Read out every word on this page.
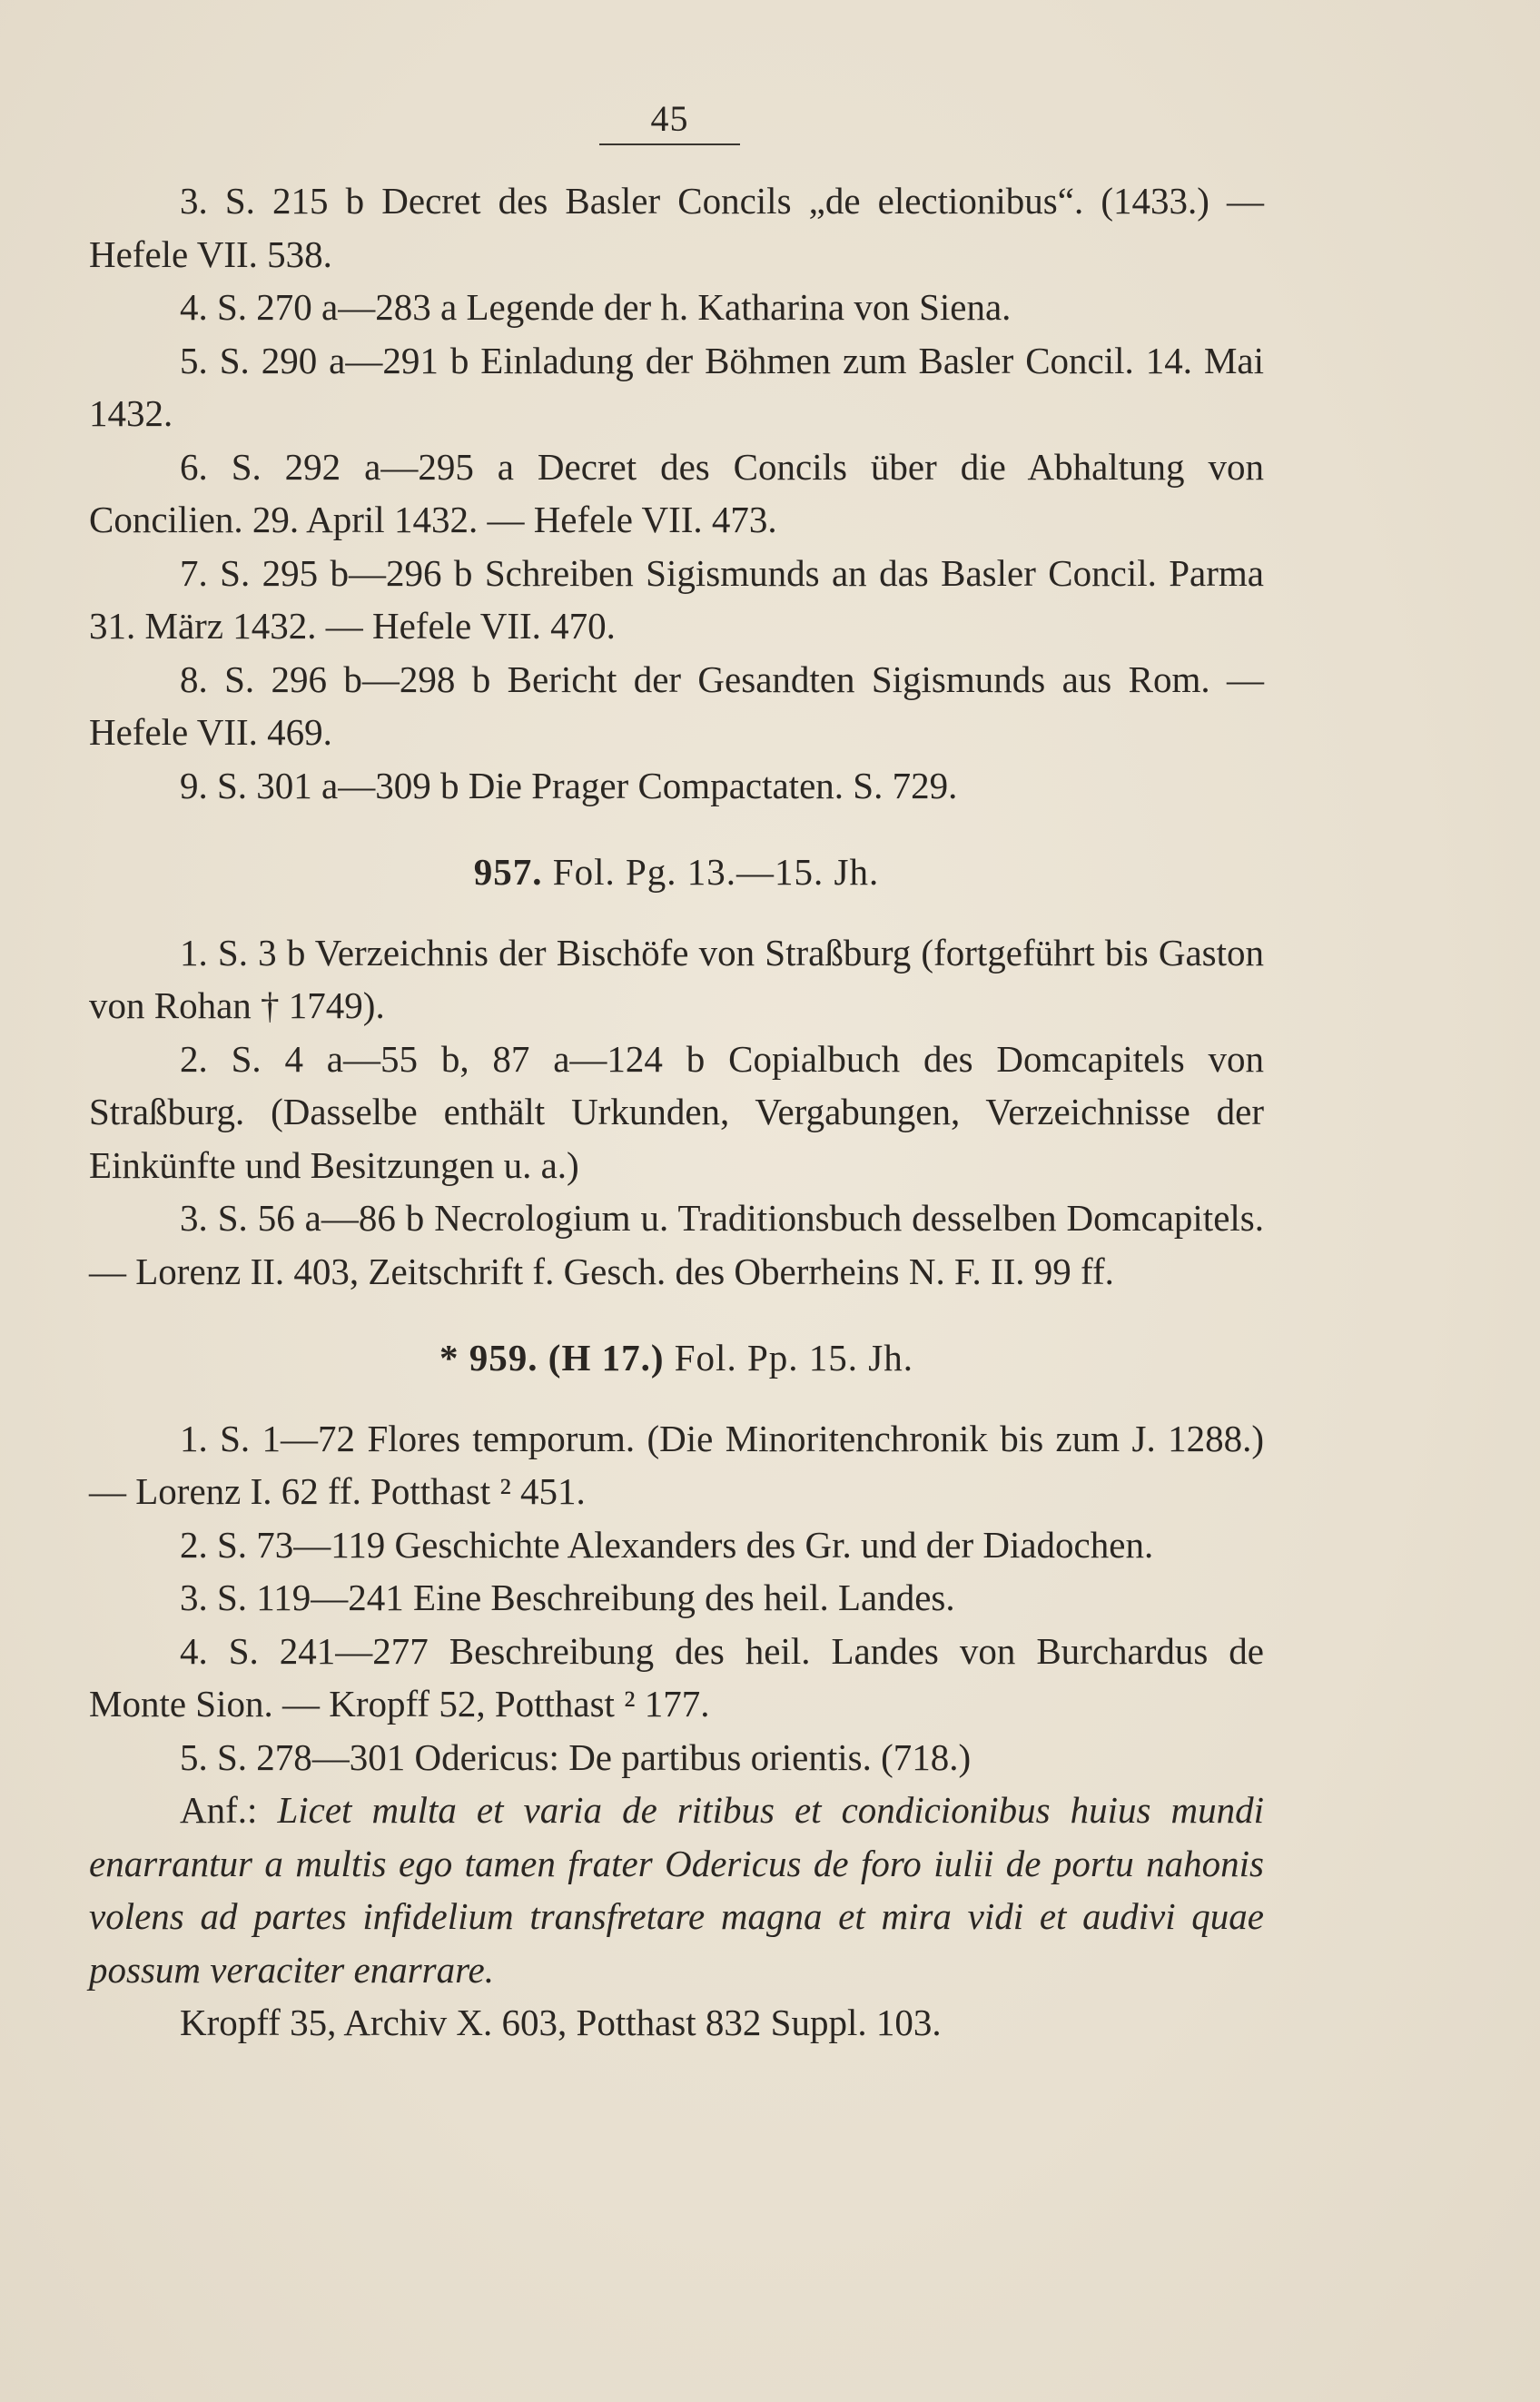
45

3. S. 215 b Decret des Basler Concils „de electionibus“. (1433.) — Hefele VII. 538.

4. S. 270 a—283 a Legende der h. Katharina von Siena.

5. S. 290 a—291 b Einladung der Böhmen zum Basler Concil. 14. Mai 1432.

6. S. 292 a—295 a Decret des Concils über die Abhaltung von Concilien. 29. April 1432. — Hefele VII. 473.

7. S. 295 b—296 b Schreiben Sigismunds an das Basler Concil. Parma 31. März 1432. — Hefele VII. 470.

8. S. 296 b—298 b Bericht der Gesandten Sigismunds aus Rom. — Hefele VII. 469.

9. S. 301 a—309 b Die Prager Compactaten. S. 729.

957. Fol. Pg. 13.—15. Jh.

1. S. 3 b Verzeichnis der Bischöfe von Straßburg (fortgeführt bis Gaston von Rohan † 1749).

2. S. 4 a—55 b, 87 a—124 b Copialbuch des Domcapitels von Straßburg. (Dasselbe enthält Urkunden, Vergabungen, Verzeichnisse der Einkünfte und Besitzungen u. a.)

3. S. 56 a—86 b Necrologium u. Traditionsbuch desselben Domcapitels. — Lorenz II. 403, Zeitschrift f. Gesch. des Oberrheins N. F. II. 99 ff.

* 959. (H 17.) Fol. Pp. 15. Jh.

1. S. 1—72 Flores temporum. (Die Minoritenchronik bis zum J. 1288.) — Lorenz I. 62 ff. Potthast ² 451.

2. S. 73—119 Geschichte Alexanders des Gr. und der Diadochen.

3. S. 119—241 Eine Beschreibung des heil. Landes.

4. S. 241—277 Beschreibung des heil. Landes von Burchardus de Monte Sion. — Kropff 52, Potthast ² 177.

5. S. 278—301 Odericus: De partibus orientis. (718.)

Anf.: Licet multa et varia de ritibus et condicionibus huius mundi enarrantur a multis ego tamen frater Odericus de foro iulii de portu nahonis volens ad partes infidelium transfretare magna et mira vidi et audivi quae possum veraciter enarrare.

Kropff 35, Archiv X. 603, Potthast 832 Suppl. 103.
